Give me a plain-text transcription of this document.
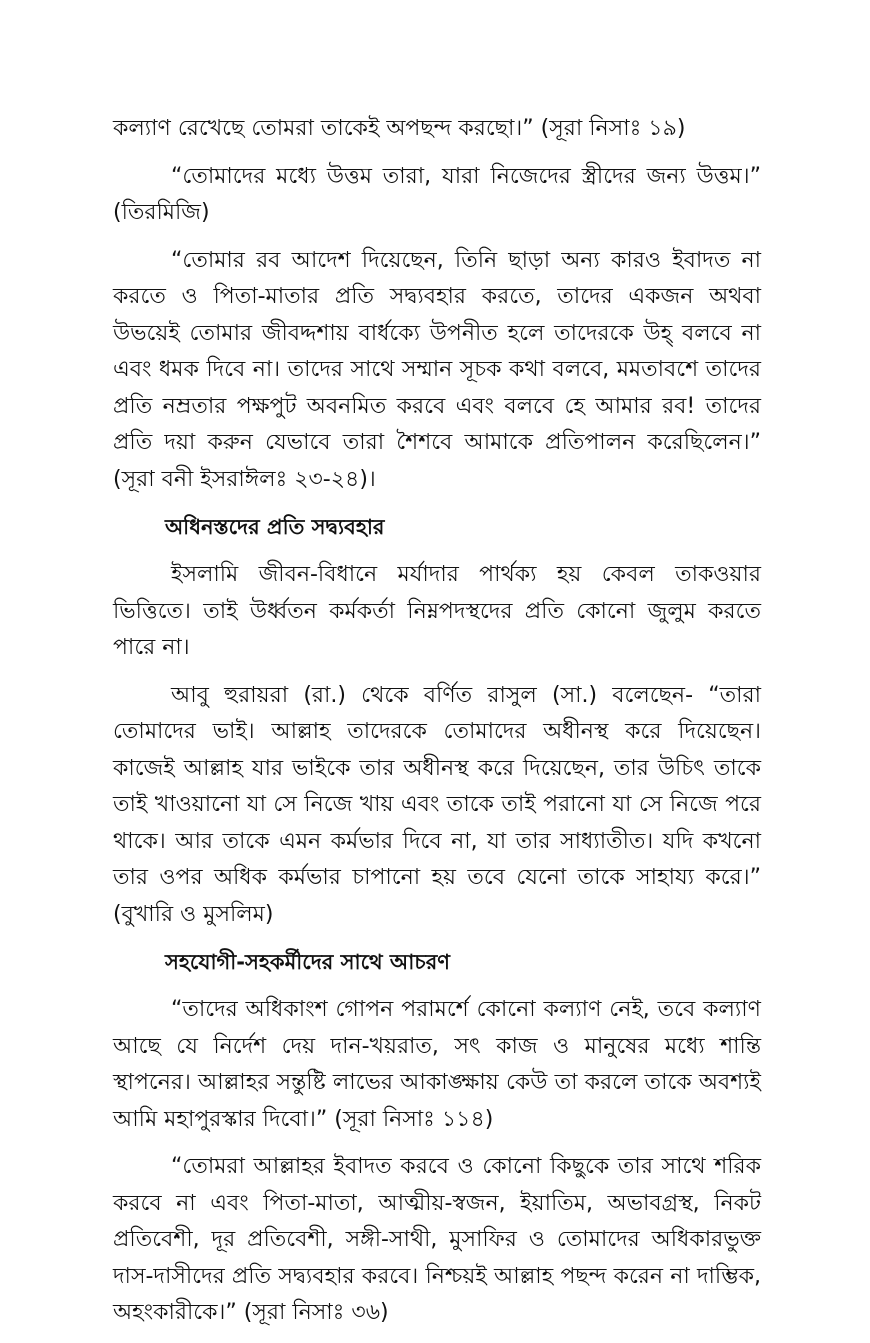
কল্যাণ রেখেছে তোমরা তাকেই অপছন্দ করছো।” (সূরা নিসাঃ ১৯)

“তোমাদের মধ্যে উত্তম তারা, যারা নিজেদের স্ত্রীদের জন্য উত্তম।” (তিরমিজি)

“তোমার রব আদেশ দিয়েছেন, তিনি ছাড়া অন্য কারও ইবাদত না করতে ও পিতা-মাতার প্রতি সদ্ব্যবহার করতে, তাদের একজন অথবা উভয়েই তোমার জীবদ্দশায় বার্ধক্যে উপনীত হলে তাদেরকে উহ্ বলবে না এবং ধমক দিবে না। তাদের সাথে সম্মান সূচক কথা বলবে, মমতাবশে তাদের প্রতি নম্রতার পক্ষপুট অবনমিত করবে এবং বলবে হে আমার রব! তাদের প্রতি দয়া করুন যেভাবে তারা শৈশবে আমাকে প্রতিপালন করেছিলেন।” (সূরা বনী ইসরাঈলঃ ২৩-২৪)।

অধিনস্তদের প্রতি সদ্ব্যবহার

ইসলামি জীবন-বিধানে মর্যাদার পার্থক্য হয় কেবল তাকওয়ার ভিত্তিতে। তাই উর্ধ্বতন কর্মকর্তা নিম্নপদস্থদের প্রতি কোনো জুলুম করতে পারে না।

আবু হুরায়রা (রা.) থেকে বর্ণিত রাসুল (সা.) বলেছেন- “তারা তোমাদের ভাই। আল্লাহ তাদেরকে তোমাদের অধীনস্থ করে দিয়েছেন। কাজেই আল্লাহ যার ভাইকে তার অধীনস্থ করে দিয়েছেন, তার উচিৎ তাকে তাই খাওয়ানো যা সে নিজে খায় এবং তাকে তাই পরানো যা সে নিজে পরে থাকে। আর তাকে এমন কর্মভার দিবে না, যা তার সাধ্যাতীত। যদি কখনো তার ওপর অধিক কর্মভার চাপানো হয় তবে যেনো তাকে সাহায্য করে।” (বুখারি ও মুসলিম)

সহযোগী-সহকর্মীদের সাথে আচরণ

“তাদের অধিকাংশ গোপন পরামর্শে কোনো কল্যাণ নেই, তবে কল্যাণ আছে যে নির্দেশ দেয় দান-খয়রাত, সৎ কাজ ও মানুষের মধ্যে শান্তি স্থাপনের। আল্লাহর সন্তুষ্টি লাভের আকাঙ্ক্ষায় কেউ তা করলে তাকে অবশ্যই আমি মহাপুরস্কার দিবো।” (সূরা নিসাঃ ১১৪)

“তোমরা আল্লাহর ইবাদত করবে ও কোনো কিছুকে তার সাথে শরিক করবে না এবং পিতা-মাতা, আত্মীয়-স্বজন, ইয়াতিম, অভাবগ্রস্থ, নিকট প্রতিবেশী, দূর প্রতিবেশী, সঙ্গী-সাথী, মুসাফির ও তোমাদের অধিকারভুক্ত দাস-দাসীদের প্রতি সদ্ব্যবহার করবে। নিশ্চয়ই আল্লাহ পছন্দ করেন না দাম্ভিক, অহংকারীকে।” (সূরা নিসাঃ ৩৬)
